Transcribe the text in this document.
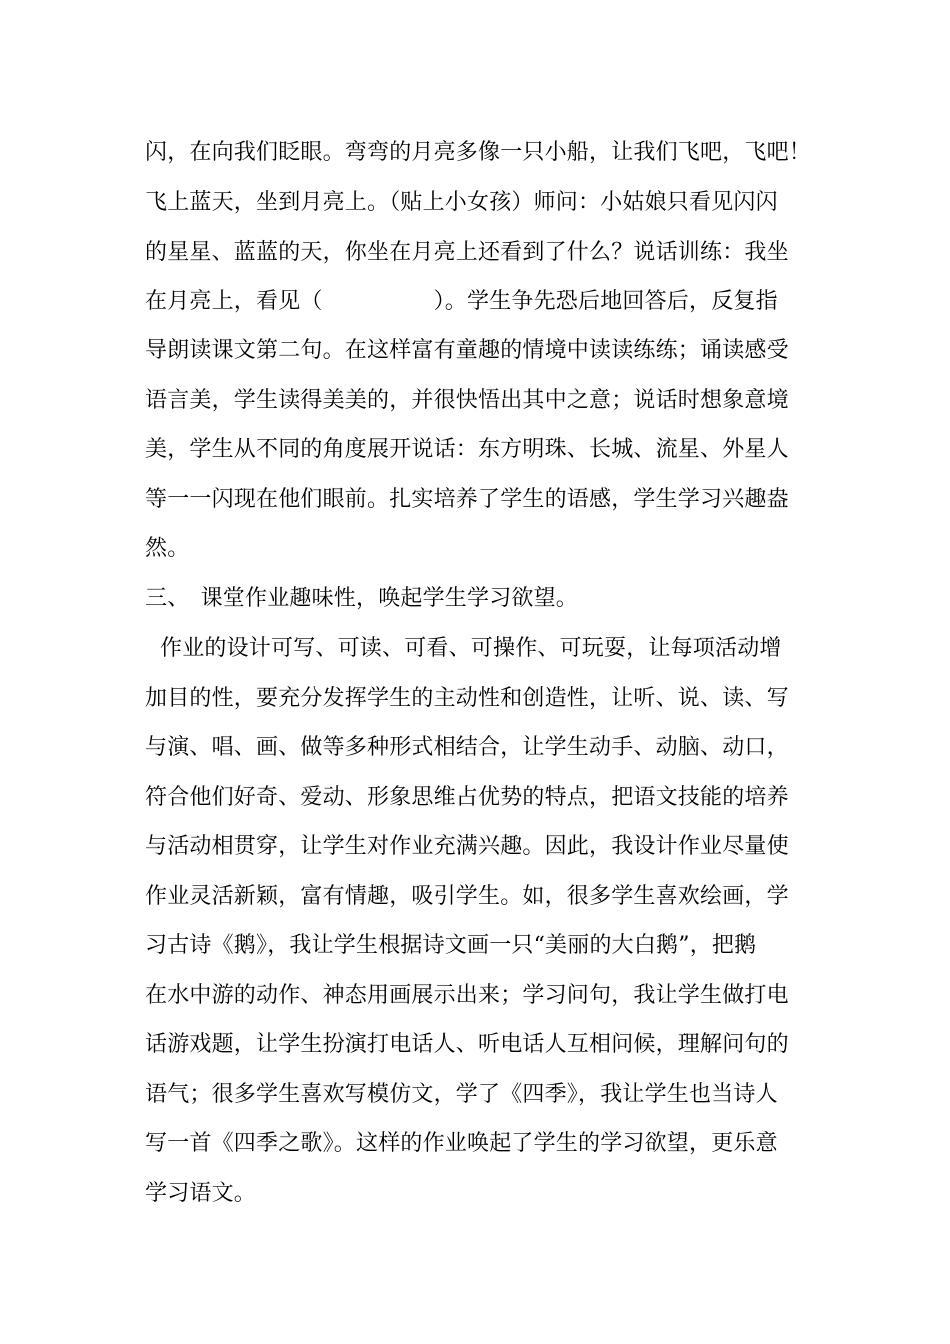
闪，在向我们眨眼。弯弯的月亮多像一只小船，让我们飞吧，飞吧！
飞上蓝天，坐到月亮上。（贴上小女孩）师问：小姑娘只看见闪闪
的星星、蓝蓝的天，你坐在月亮上还看到了什么？说话训练：我坐
在月亮上，看见（　　　　　）。学生争先恐后地回答后，反复指
导朗读课文第二句。在这样富有童趣的情境中读读练练；诵读感受
语言美，学生读得美美的，并很快悟出其中之意；说话时想象意境
美，学生从不同的角度展开说话：东方明珠、长城、流星、外星人
等一一闪现在他们眼前。扎实培养了学生的语感，学生学习兴趣盎
然。
三、　课堂作业趣味性，唤起学生学习欲望。
作业的设计可写、可读、可看、可操作、可玩耍，让每项活动增
加目的性，要充分发挥学生的主动性和创造性，让听、说、读、写
与演、唱、画、做等多种形式相结合，让学生动手、动脑、动口，
符合他们好奇、爱动、形象思维占优势的特点，把语文技能的培养
与活动相贯穿，让学生对作业充满兴趣。因此，我设计作业尽量使
作业灵活新颖，富有情趣，吸引学生。如，很多学生喜欢绘画，学
习古诗《鹅》，我让学生根据诗文画一只“美丽的大白鹅”，把鹅
在水中游的动作、神态用画展示出来；学习问句，我让学生做打电
话游戏题，让学生扮演打电话人、听电话人互相问候，理解问句的
语气；很多学生喜欢写模仿文，学了《四季》，我让学生也当诗人
写一首《四季之歌》。这样的作业唤起了学生的学习欲望，更乐意
学习语文。
